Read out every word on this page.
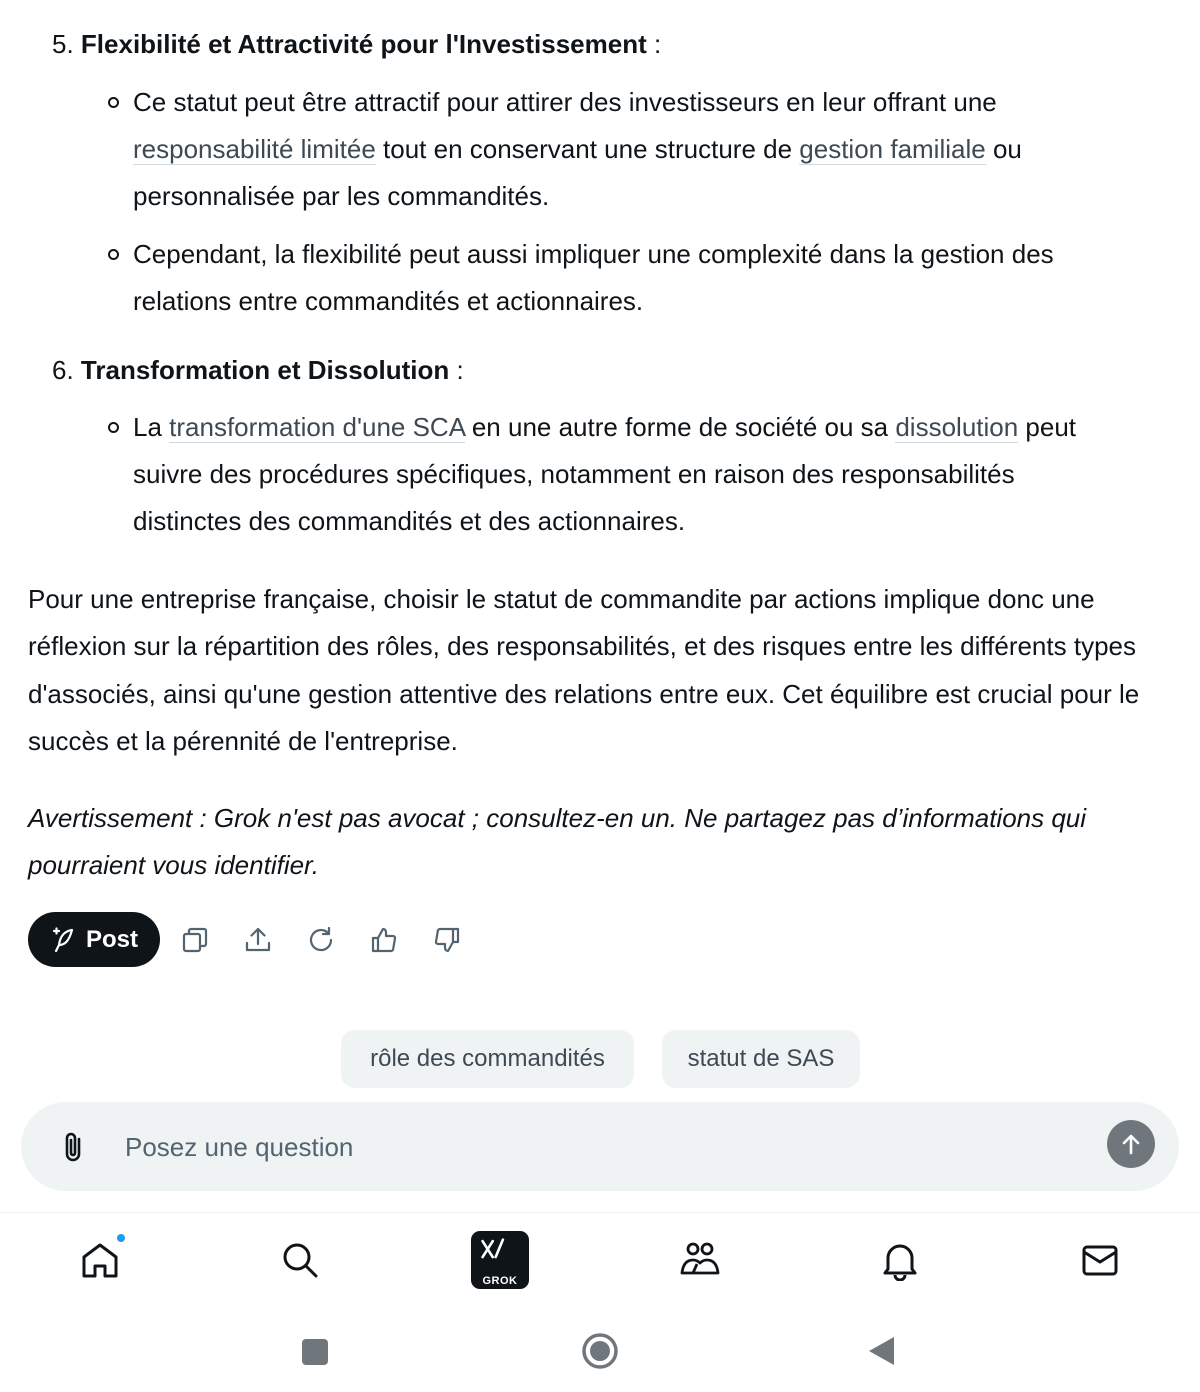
5. Flexibilité et Attractivité pour l'Investissement :
Ce statut peut être attractif pour attirer des investisseurs en leur offrant une responsabilité limitée tout en conservant une structure de gestion familiale ou personnalisée par les commandités.
Cependant, la flexibilité peut aussi impliquer une complexité dans la gestion des relations entre commandités et actionnaires.
6. Transformation et Dissolution :
La transformation d'une SCA en une autre forme de société ou sa dissolution peut suivre des procédures spécifiques, notamment en raison des responsabilités distinctes des commandités et des actionnaires.

Pour une entreprise française, choisir le statut de commandite par actions implique donc une réflexion sur la répartition des rôles, des responsabilités, et des risques entre les différents types d'associés, ainsi qu'une gestion attentive des relations entre eux. Cet équilibre est crucial pour le succès et la pérennité de l'entreprise.

Avertissement : Grok n'est pas avocat ; consultez-en un. Ne partagez pas d’informations qui pourraient vous identifier.

Post
rôle des commandités	statut de SAS
Posez une question
GROK
